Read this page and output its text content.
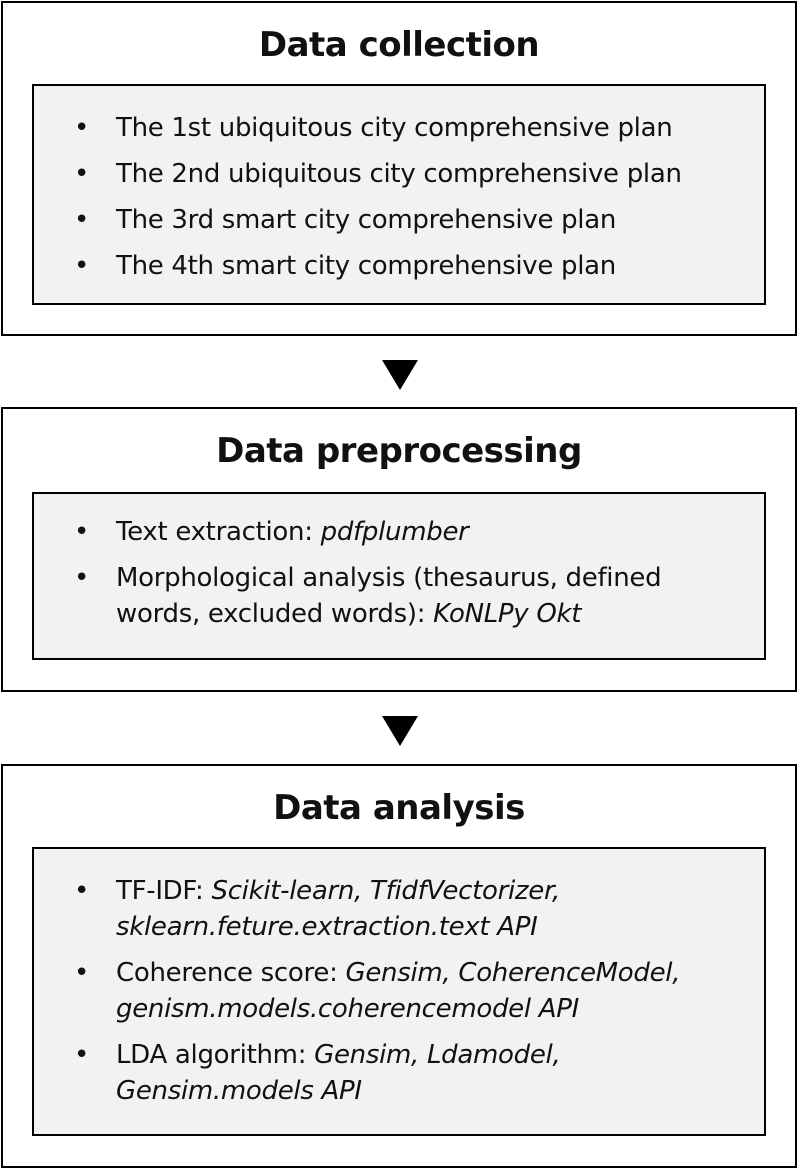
Data collection
• The 1st ubiquitous city comprehensive plan
• The 2nd ubiquitous city comprehensive plan
• The 3rd smart city comprehensive plan
• The 4th smart city comprehensive plan
Data preprocessing
• Text extraction: pdfplumber
• Morphological analysis (thesaurus, defined words, excluded words): KoNLPy Okt
Data analysis
• TF-IDF: Scikit-learn, TfidfVectorizer, sklearn.feture.extraction.text API
• Coherence score: Gensim, CoherenceModel, genism.models.coherencemodel API
• LDA algorithm: Gensim, Ldamodel, Gensim.models API
